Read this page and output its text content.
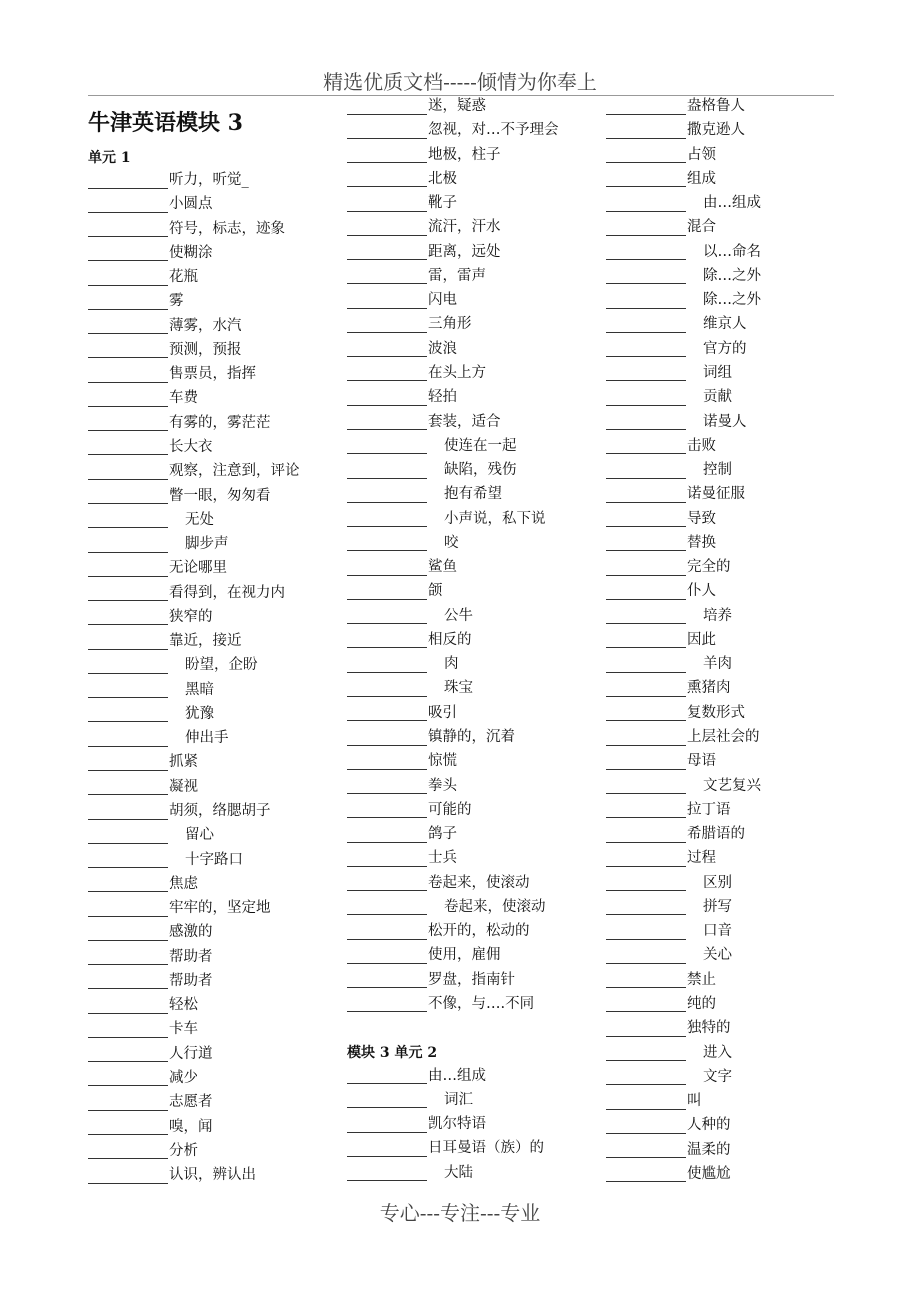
精选优质文档-----倾情为你奉上
牛津英语模块 3
单元 1
模块 3 单元 2
听力，听觉_
小圆点
符号，标志，迹象
使糊涂
花瓶
雾
薄雾，水汽
预测，预报
售票员，指挥
车费
有雾的，雾茫茫
长大衣
观察，注意到，评论
瞥一眼，匆匆看
无处
脚步声
无论哪里
看得到，在视力内
狭窄的
靠近，接近
盼望，企盼
黑暗
犹豫
伸出手
抓紧
凝视
胡须，络腮胡子
留心
十字路口
焦虑
牢牢的，坚定地
感激的
帮助者
帮助者
轻松
卡车
人行道
减少
志愿者
嗅，闻
分析
认识，辨认出
迷，疑惑
忽视，对…不予理会
地极，柱子
北极
靴子
流汗，汗水
距离，远处
雷，雷声
闪电
三角形
波浪
在头上方
轻拍
套装，适合
使连在一起
缺陷，残伤
抱有希望
小声说，私下说
咬
鲨鱼
颌
公牛
相反的
肉
珠宝
吸引
镇静的，沉着
惊慌
拳头
可能的
鸽子
士兵
卷起来，使滚动
卷起来，使滚动
松开的，松动的
使用，雇佣
罗盘，指南针
不像，与….不同
由…组成
词汇
凯尔特语
日耳曼语（族）的
大陆
盎格鲁人
撒克逊人
占领
组成
由…组成
混合
以…命名
除…之外
除…之外
维京人
官方的
词组
贡献
诺曼人
击败
控制
诺曼征服
导致
替换
完全的
仆人
培养
因此
羊肉
熏猪肉
复数形式
上层社会的
母语
文艺复兴
拉丁语
希腊语的
过程
区别
拼写
口音
关心
禁止
纯的
独特的
进入
文字
叫
人种的
温柔的
使尴尬
专心---专注---专业
